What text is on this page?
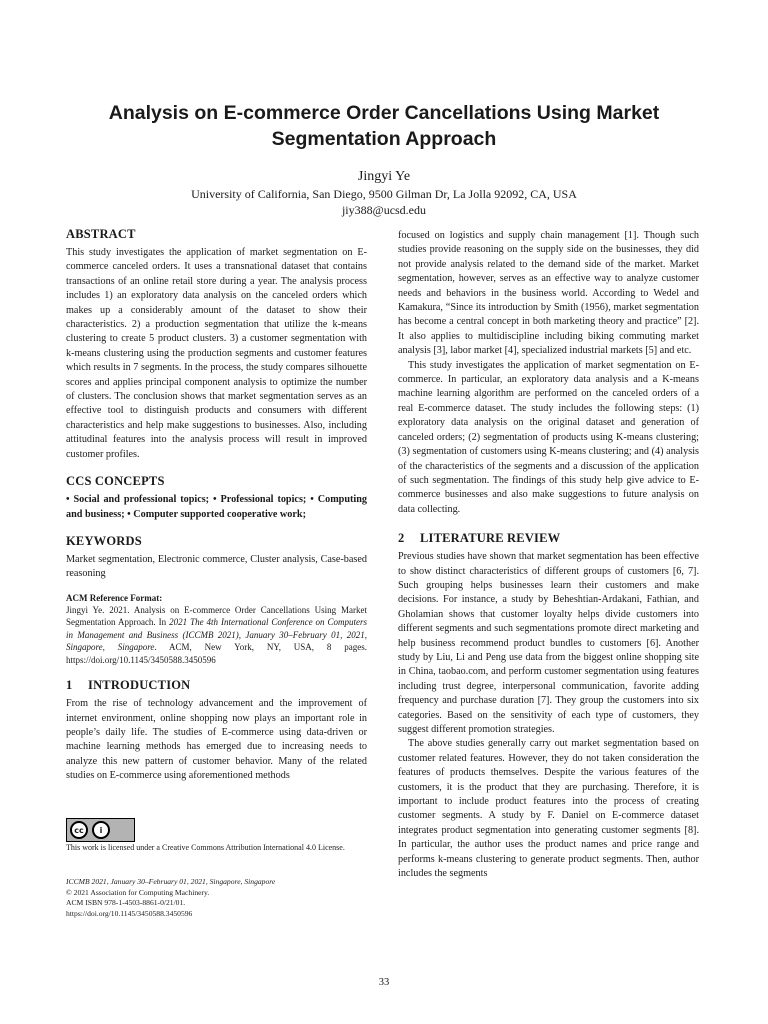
Analysis on E-commerce Order Cancellations Using Market
Segmentation Approach
Jingyi Ye
University of California, San Diego, 9500 Gilman Dr, La Jolla 92092, CA, USA
jiy388@ucsd.edu
ABSTRACT

This study investigates the application of market segmentation on E-commerce canceled orders. It uses a transnational dataset that contains transactions of an online retail store during a year. The analysis process includes 1) an exploratory data analysis on the canceled orders which makes up a considerably amount of the dataset to show their characteristics. 2) a production segmentation that utilize the k-means clustering to create 5 product clusters. 3) a customer segmentation with k-means clustering using the production segments and customer features which results in 7 segments. In the process, the study compares silhouette scores and applies principal component analysis to optimize the number of clusters. The conclusion shows that market segmentation serves as an effective tool to distinguish products and consumers with different characteristics and help make suggestions to businesses. Also, including attitudinal features into the analysis process will result in improved customer profiles.

CCS CONCEPTS
• Social and professional topics; • Professional topics; • Computing and business; • Computer supported cooperative work;
KEYWORDS

Market segmentation, Electronic commerce, Cluster analysis, Case-based reasoning

ACM Reference Format:
Jingyi Ye. 2021. Analysis on E-commerce Order Cancellations Using Market Segmentation Approach. In 2021 The 4th International Conference on Computers in Management and Business (ICCMB 2021), January 30–February 01, 2021, Singapore, Singapore. ACM, New York, NY, USA, 8 pages. https://doi.org/10.1145/3450588.3450596
1 INTRODUCTION

From the rise of technology advancement and the improvement of internet environment, online shopping now plays an important role in people’s daily life. The studies of E-commerce using data-driven or machine learning methods has emerged due to increasing needs to analyze this new pattern of customer behavior. Many of the related studies on E-commerce using aforementioned methods

cc	i
This work is licensed under a Creative Commons Attribution International 4.0 License.
ICCMB 2021, January 30–February 01, 2021, Singapore, Singapore
© 2021 Association for Computing Machinery.
ACM ISBN 978-1-4503-8861-0/21/01.
https://doi.org/10.1145/3450588.3450596

focused on logistics and supply chain management [1]. Though such studies provide reasoning on the supply side on the businesses, they did not provide analysis related to the demand side of the market. Market segmentation, however, serves as an effective way to analyze customer needs and behaviors in the business world. According to Wedel and Kamakura, “Since its introduction by Smith (1956), market segmentation has become a central concept in both marketing theory and practice” [2]. It also applies to multidiscipline including biking commuting market analysis [3], labor market [4], specialized industrial markets [5] and etc.

This study investigates the application of market segmentation on E-commerce. In particular, an exploratory data analysis and a K-means machine learning algorithm are performed on the canceled orders of a real E-commerce dataset. The study includes the following steps: (1) exploratory data analysis on the original dataset and generation of canceled orders; (2) segmentation of products using K-means clustering; (3) segmentation of customers using K-means clustering; and (4) analysis of the characteristics of the segments and a discussion of the application of such segmentation. The findings of this study help give advice to E-commerce businesses and also make suggestions to future analysis on data collecting.

2 LITERATURE REVIEW

Previous studies have shown that market segmentation has been effective to show distinct characteristics of different groups of customers [6, 7]. Such grouping helps businesses learn their customers and make decisions. For instance, a study by Beheshtian-Ardakani, Fathian, and Gholamian shows that customer loyalty helps divide customers into different segments and such segmentations promote direct marketing and help business recommend product bundles to customers [6]. Another study by Liu, Li and Peng use data from the biggest online shopping site in China, taobao.com, and perform customer segmentation using features including trust degree, interpersonal communication, favorite adding frequency and purchase duration [7]. They group the customers into six categories. Based on the sensitivity of each type of customers, they suggest different promotion strategies.

The above studies generally carry out market segmentation based on customer related features. However, they do not taken consideration the features of products themselves. Despite the various features of the customers, it is the product that they are purchasing. Therefore, it is important to include product features into the process of creating customer segments. A study by F. Daniel on E-commerce dataset integrates product segmentation into generating customer segments [8]. In particular, the author uses the product names and price range and performs k-means clustering to generate product segments. Then, author includes the segments

33
